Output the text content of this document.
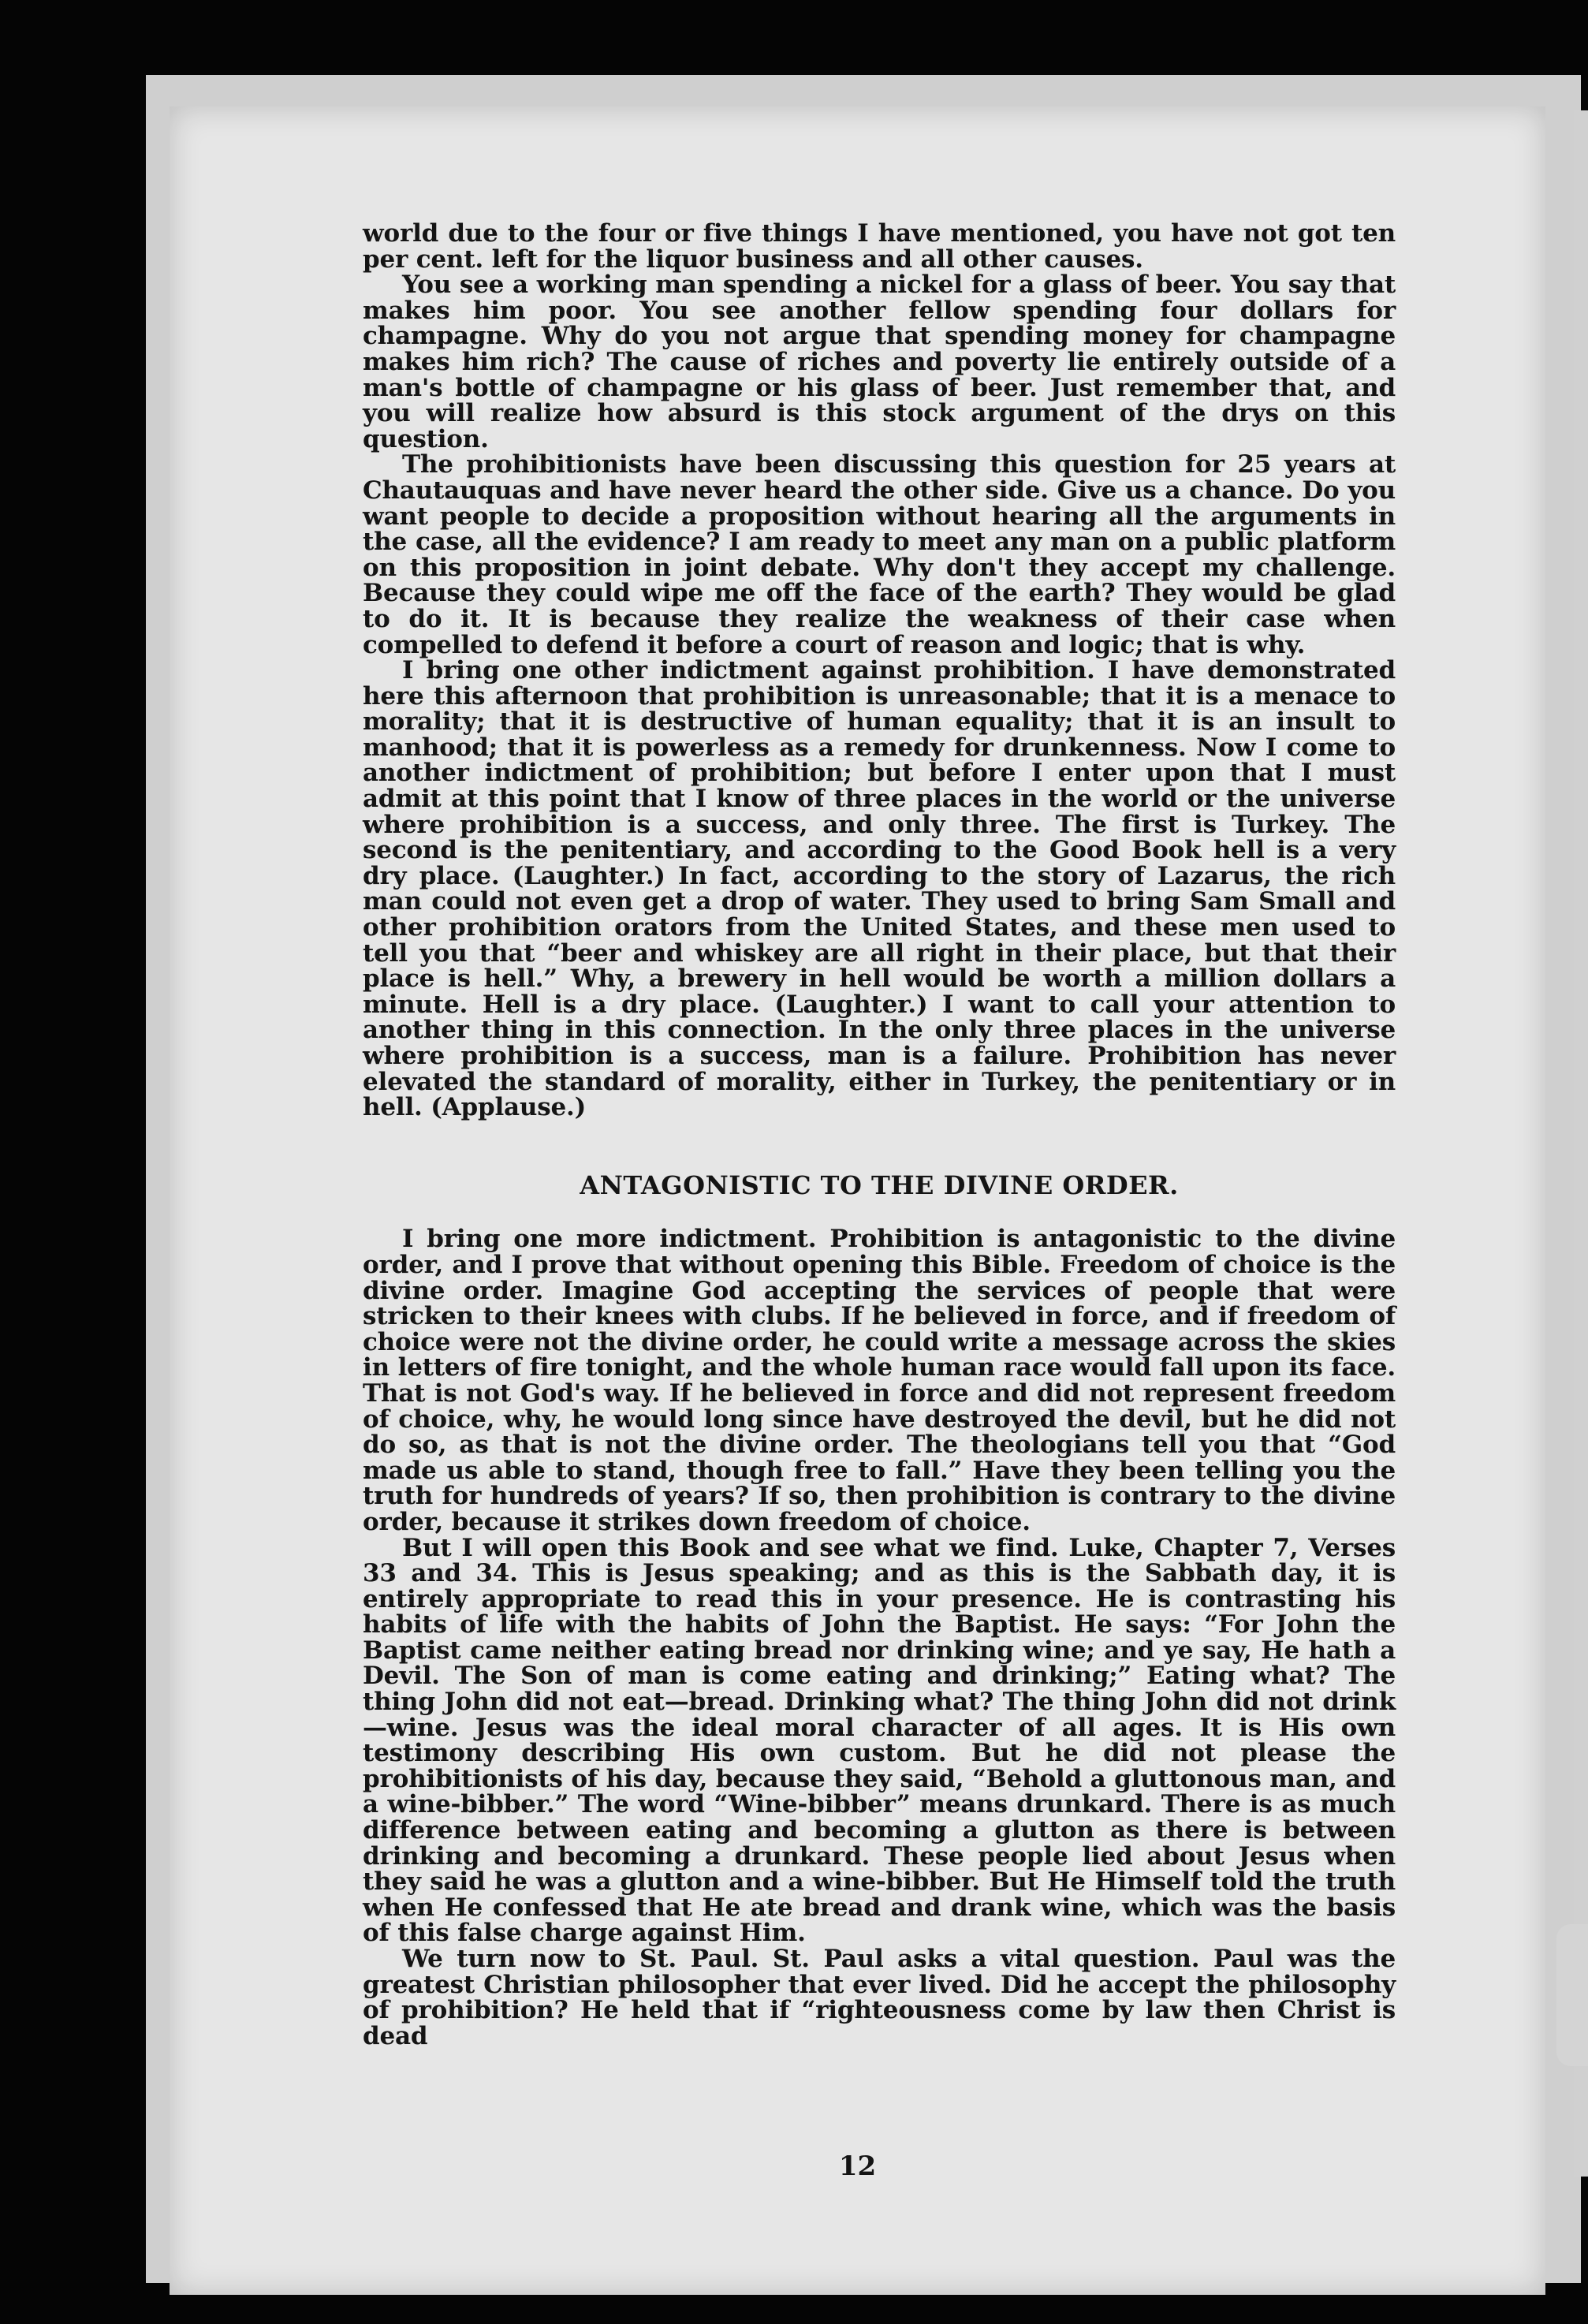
12

world due to the four or five things I have mentioned, you have not got ten per cent. left for the liquor business and all other causes.

You see a working man spending a nickel for a glass of beer. You say that makes him poor. You see another fellow spending four dollars for champagne. Why do you not argue that spending money for champagne makes him rich? The cause of riches and poverty lie entirely outside of a man's bottle of champagne or his glass of beer. Just remember that, and you will realize how absurd is this stock argument of the drys on this question.

The prohibitionists have been discussing this question for 25 years at Chautauquas and have never heard the other side. Give us a chance. Do you want people to decide a proposition without hearing all the arguments in the case, all the evidence? I am ready to meet any man on a public platform on this proposition in joint debate. Why don't they accept my challenge. Because they could wipe me off the face of the earth? They would be glad to do it. It is because they realize the weakness of their case when compelled to defend it before a court of reason and logic; that is why.

I bring one other indictment against prohibition. I have demonstrated here this afternoon that prohibition is unreasonable; that it is a menace to morality; that it is destructive of human equality; that it is an insult to manhood; that it is powerless as a remedy for drunkenness. Now I come to another indictment of prohibition; but before I enter upon that I must admit at this point that I know of three places in the world or the universe where prohibition is a success, and only three. The first is Turkey. The second is the penitentiary, and according to the Good Book hell is a very dry place. (Laughter.) In fact, according to the story of Lazarus, the rich man could not even get a drop of water. They used to bring Sam Small and other prohibition orators from the United States, and these men used to tell you that “beer and whiskey are all right in their place, but that their place is hell.” Why, a brewery in hell would be worth a million dollars a minute. Hell is a dry place. (Laughter.) I want to call your attention to another thing in this connection. In the only three places in the universe where prohibition is a success, man is a failure. Prohibition has never elevated the standard of morality, either in Turkey, the penitentiary or in hell. (Applause.)

ANTAGONISTIC TO THE DIVINE ORDER.

I bring one more indictment. Prohibition is antagonistic to the divine order, and I prove that without opening this Bible. Freedom of choice is the divine order. Imagine God accepting the services of people that were stricken to their knees with clubs. If he believed in force, and if freedom of choice were not the divine order, he could write a message across the skies in letters of fire tonight, and the whole human race would fall upon its face. That is not God's way. If he believed in force and did not represent freedom of choice, why, he would long since have destroyed the devil, but he did not do so, as that is not the divine order. The theologians tell you that “God made us able to stand, though free to fall.” Have they been telling you the truth for hundreds of years? If so, then prohibition is contrary to the divine order, because it strikes down freedom of choice.

But I will open this Book and see what we find. Luke, Chapter 7, Verses 33 and 34. This is Jesus speaking; and as this is the Sabbath day, it is entirely appropriate to read this in your presence. He is contrasting his habits of life with the habits of John the Baptist. He says: “For John the Baptist came neither eating bread nor drinking wine; and ye say, He hath a Devil. The Son of man is come eating and drinking;” Eating what? The thing John did not eat—bread. Drinking what? The thing John did not drink—wine. Jesus was the ideal moral character of all ages. It is His own testimony describing His own custom. But he did not please the prohibitionists of his day, because they said, “Behold a gluttonous man, and a wine-bibber.” The word “Wine-bibber” means drunkard. There is as much difference between eating and becoming a glutton as there is between drinking and becoming a drunkard. These people lied about Jesus when they said he was a glutton and a wine-bibber. But He Himself told the truth when He confessed that He ate bread and drank wine, which was the basis of this false charge against Him.

We turn now to St. Paul. St. Paul asks a vital question. Paul was the greatest Christian philosopher that ever lived. Did he accept the philosophy of prohibition? He held that if “righteousness come by law then Christ is dead
